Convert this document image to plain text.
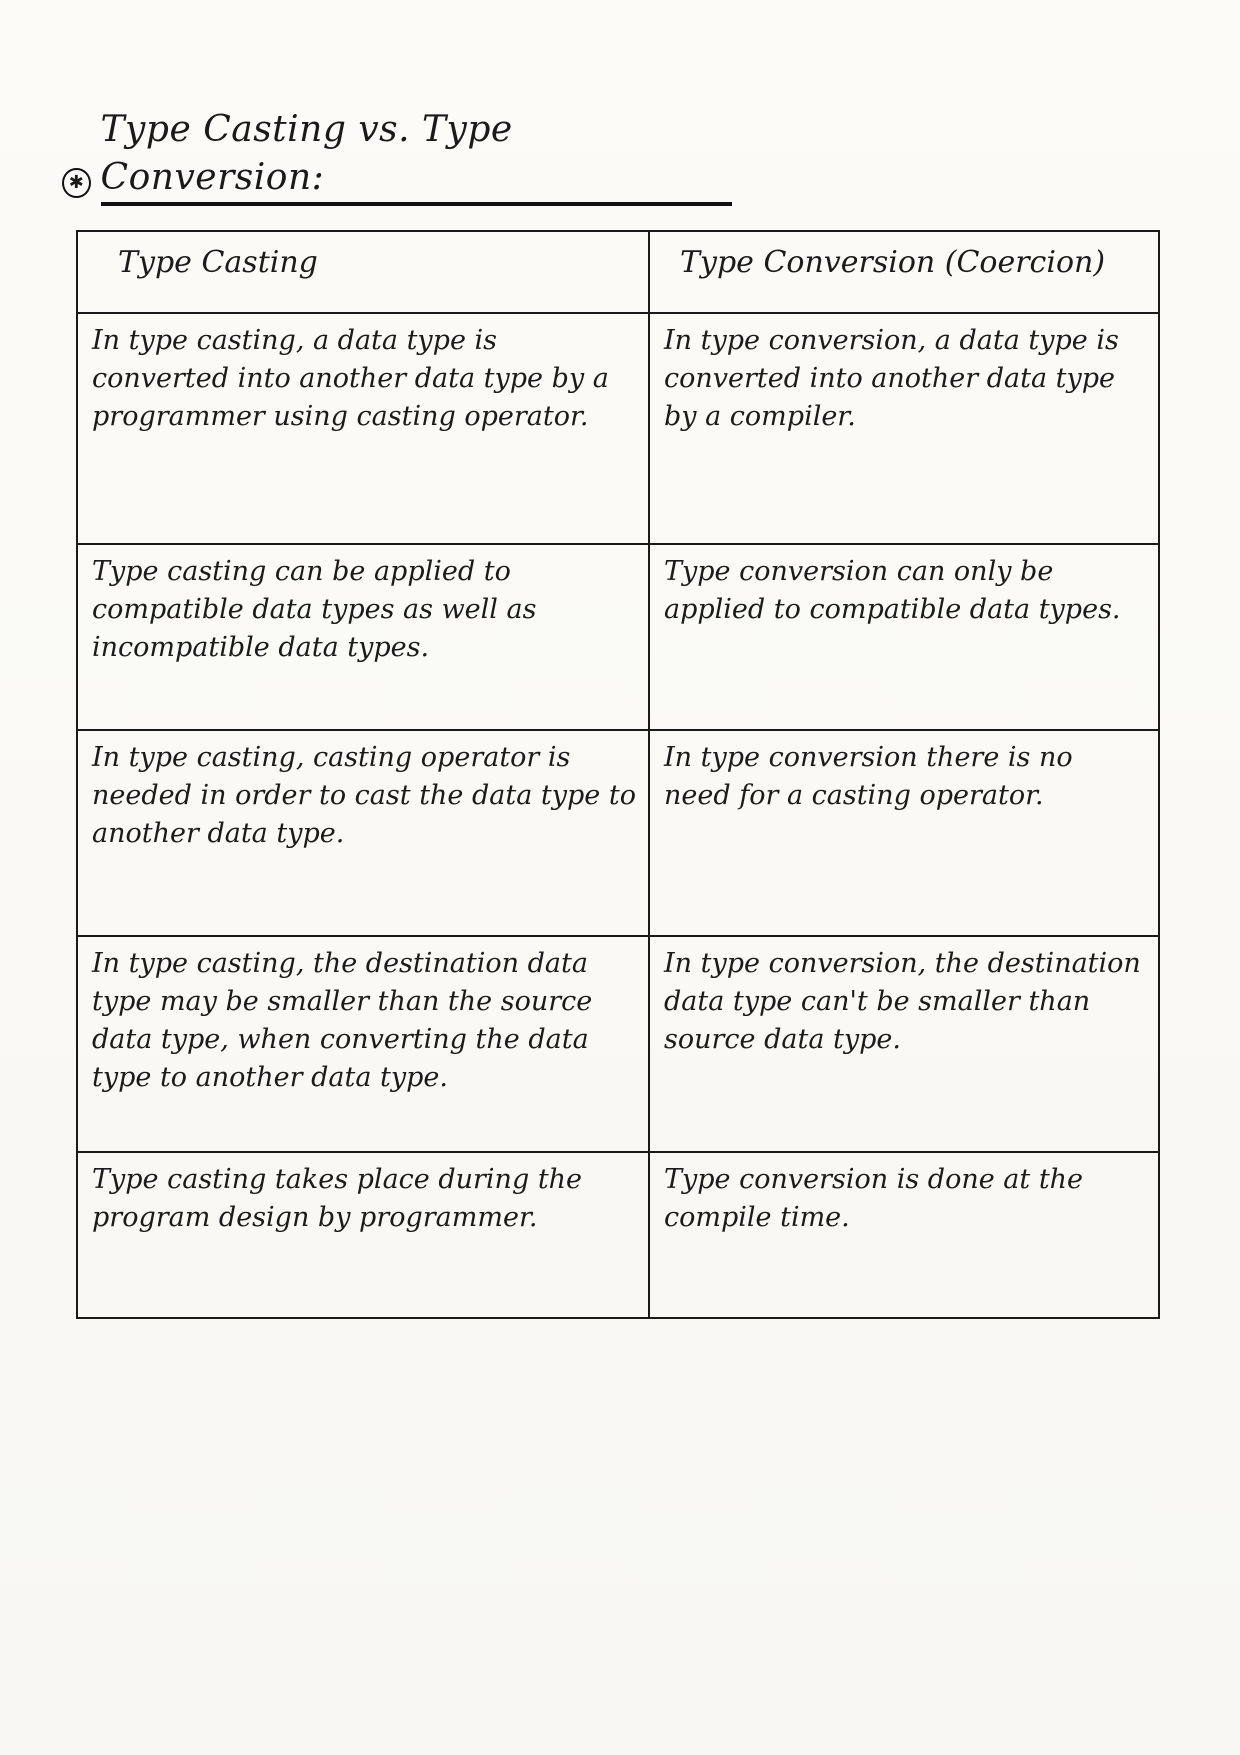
✱
Type Casting vs. Type Conversion:
Type Casting	Type Conversion (Coercion)
In type casting, a data type is converted into another data type by a programmer using casting operator.	In type conversion, a data type is converted into another data type by a compiler.
Type casting can be applied to compatible data types as well as incompatible data types.	Type conversion can only be applied to compatible data types.
In type casting, casting operator is needed in order to cast the data type to another data type.	In type conversion there is no need for a casting operator.
In type casting, the destination data type may be smaller than the source data type, when converting the data type to another data type.	In type conversion, the destination data type can't be smaller than source data type.
Type casting takes place during the program design by programmer.	Type conversion is done at the compile time.
